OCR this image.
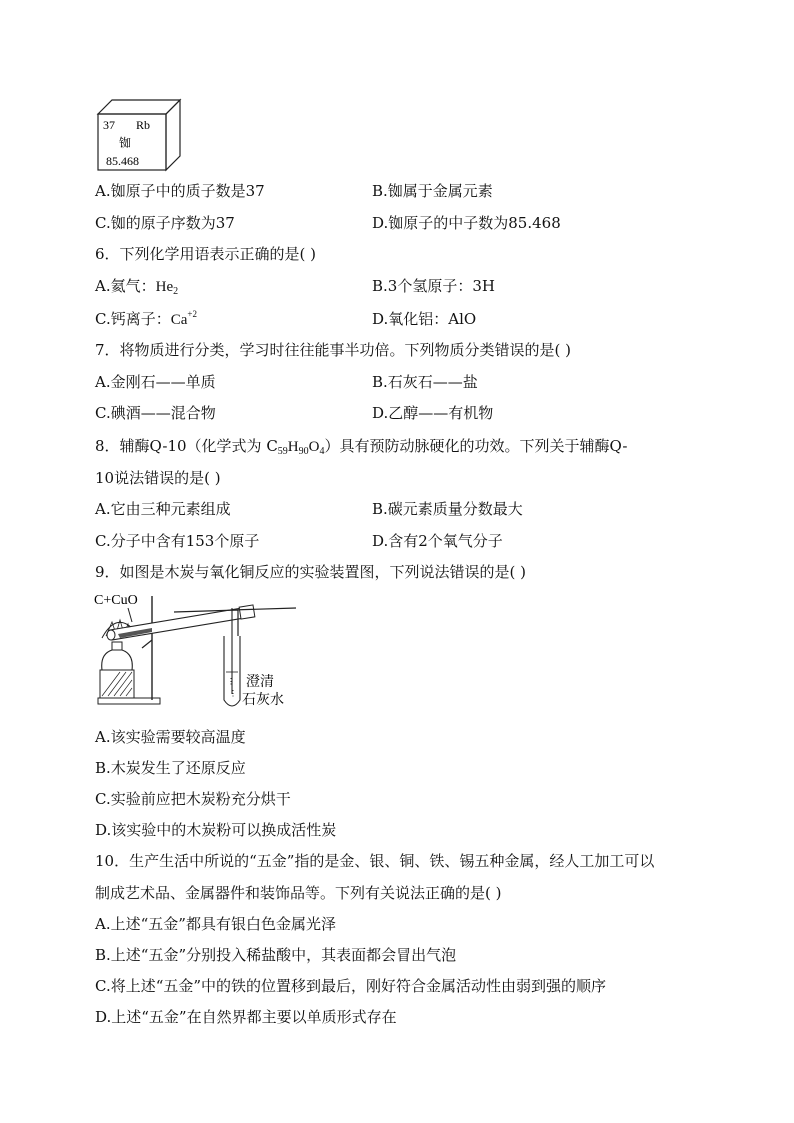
37 Rb
铷
85.468
A.铷原子中的质子数是37	B.铷属于金属元素
C.铷的原子序数为37	D.铷原子的中子数为85.468
6．下列化学用语表示正确的是( )
A.氦气：$He_2$	B.3个氢原子：3H
C.钙离子：$Ca^{+2}$	D.氧化铝：AlO
7．将物质进行分类，学习时往往能事半功倍。下列物质分类错误的是( )
A.金刚石——单质	B.石灰石——盐
C.碘酒——混合物	D.乙醇——有机物
8．辅酶Q-10（化学式为 $C_{59}H_{90}O_4$）具有预防动脉硬化的功效。下列关于辅酶Q-
10说法错误的是( )
A.它由三种元素组成	B.碳元素质量分数最大
C.分子中含有153个原子	D.含有2个氧气分子
9．如图是木炭与氧化铜反应的实验装置图，下列说法错误的是( )
C+CuO
⋮
⋮
澄清
石灰水
A.该实验需要较高温度
B.木炭发生了还原反应
C.实验前应把木炭粉充分烘干
D.该实验中的木炭粉可以换成活性炭
10．生产生活中所说的“五金”指的是金、银、铜、铁、锡五种金属，经人工加工可以
制成艺术品、金属器件和装饰品等。下列有关说法正确的是( )
A.上述“五金”都具有银白色金属光泽
B.上述“五金”分别投入稀盐酸中，其表面都会冒出气泡
C.将上述“五金”中的铁的位置移到最后，刚好符合金属活动性由弱到强的顺序
D.上述“五金”在自然界都主要以单质形式存在
